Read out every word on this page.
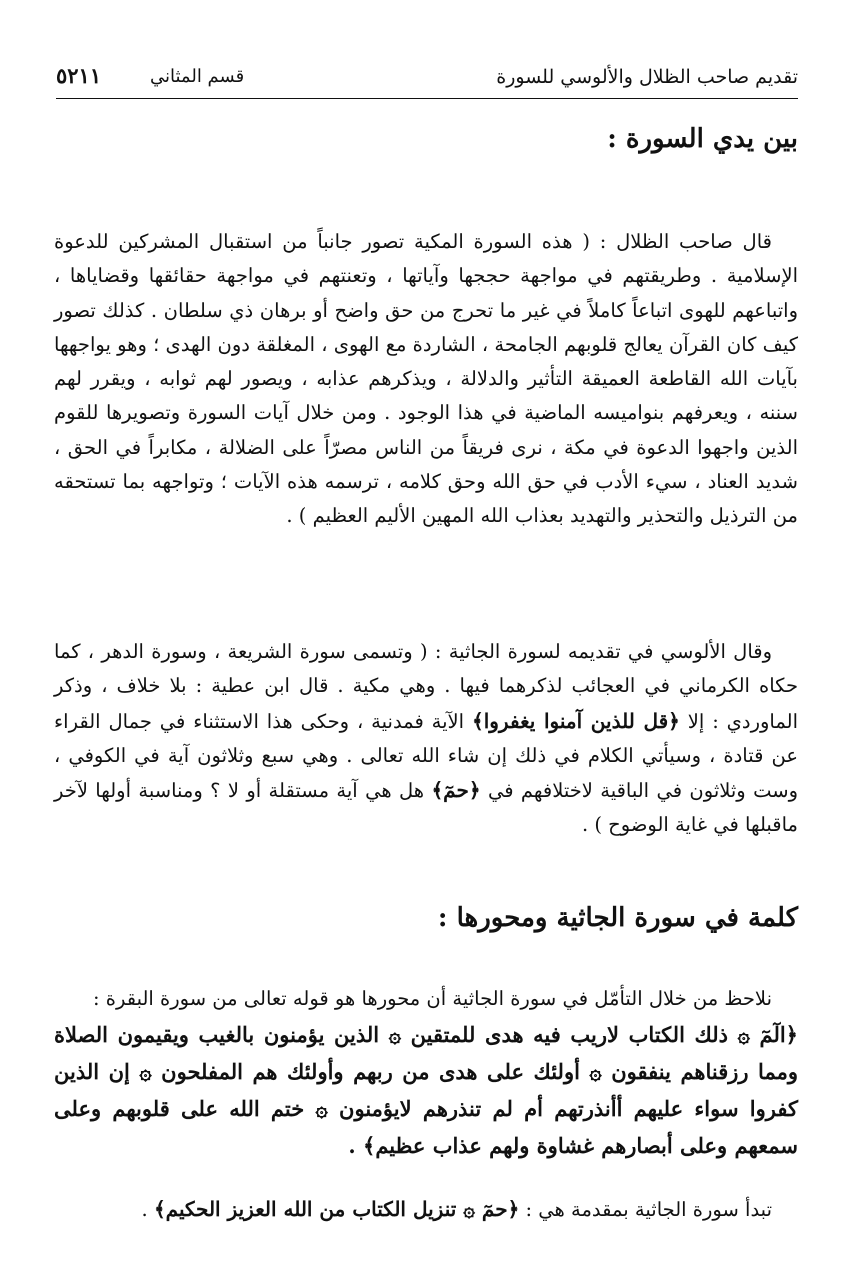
تقديم صاحب الظلال والألوسي للسورة
قسم المثاني
٥٢١١
بين يدي السورة :

قال صاحب الظلال : ( هذه السورة المكية تصور جانباً من استقبال المشركين للدعوة الإسلامية . وطريقتهم في مواجهة حججها وآياتها ، وتعنتهم في مواجهة حقائقها وقضاياها ، واتباعهم للهوى اتباعاً كاملاً في غير ما تحرج من حق واضح أو برهان ذي سلطان . كذلك تصور كيف كان القرآن يعالج قلوبهم الجامحة ، الشاردة مع الهوى ، المغلقة دون الهدى ؛ وهو يواجهها بآيات الله القاطعة العميقة التأثير والدلالة ، ويذكرهم عذابه ، ويصور لهم ثوابه ، ويقرر لهم سننه ، ويعرفهم بنواميسه الماضية في هذا الوجود . ومن خلال آيات السورة وتصويرها للقوم الذين واجهوا الدعوة في مكة ، نرى فريقاً من الناس مصرّاً على الضلالة ، مكابراً في الحق ، شديد العناد ، سيء الأدب في حق الله وحق كلامه ، ترسمه هذه الآيات ؛ وتواجهه بما تستحقه من الترذيل والتحذير والتهديد بعذاب الله المهين الأليم العظيم ) .

وقال الألوسي في تقديمه لسورة الجاثية : ( وتسمى سورة الشريعة ، وسورة الدهر ، كما حكاه الكرماني في العجائب لذكرهما فيها . وهي مكية . قال ابن عطية : بلا خلاف ، وذكر الماوردي : إلا ﴿قل للذين آمنوا يغفروا﴾ الآية فمدنية ، وحكى هذا الاستثناء في جمال القراء عن قتادة ، وسيأتي الكلام في ذلك إن شاء الله تعالى . وهي سبع وثلاثون آية في الكوفي ، وست وثلاثون في الباقية لاختلافهم في ﴿حمٓ﴾ هل هي آية مستقلة أو لا ؟ ومناسبة أولها لآخر ماقبلها في غاية الوضوح ) .

كلمة في سورة الجاثية ومحورها :

نلاحظ من خلال التأمّل في سورة الجاثية أن محورها هو قوله تعالى من سورة البقرة :

﴿الٓمٓ ۞ ذلك الكتاب لاريب فيه هدى للمتقين ۞ الذين يؤمنون بالغيب ويقيمون الصلاة ومما رزقناهم ينفقون ۞ أولئك على هدى من ربهم وأولئك هم المفلحون ۞ إن الذين كفروا سواء عليهم أأنذرتهم أم لم تنذرهم لايؤمنون ۞ ختم الله على قلوبهم وعلى سمعهم وعلى أبصارهم غشاوة ولهم عذاب عظيم﴾ .

تبدأ سورة الجاثية بمقدمة هي : ﴿حمٓ ۞ تنزيل الكتاب من الله العزيز الحكيم﴾ .
